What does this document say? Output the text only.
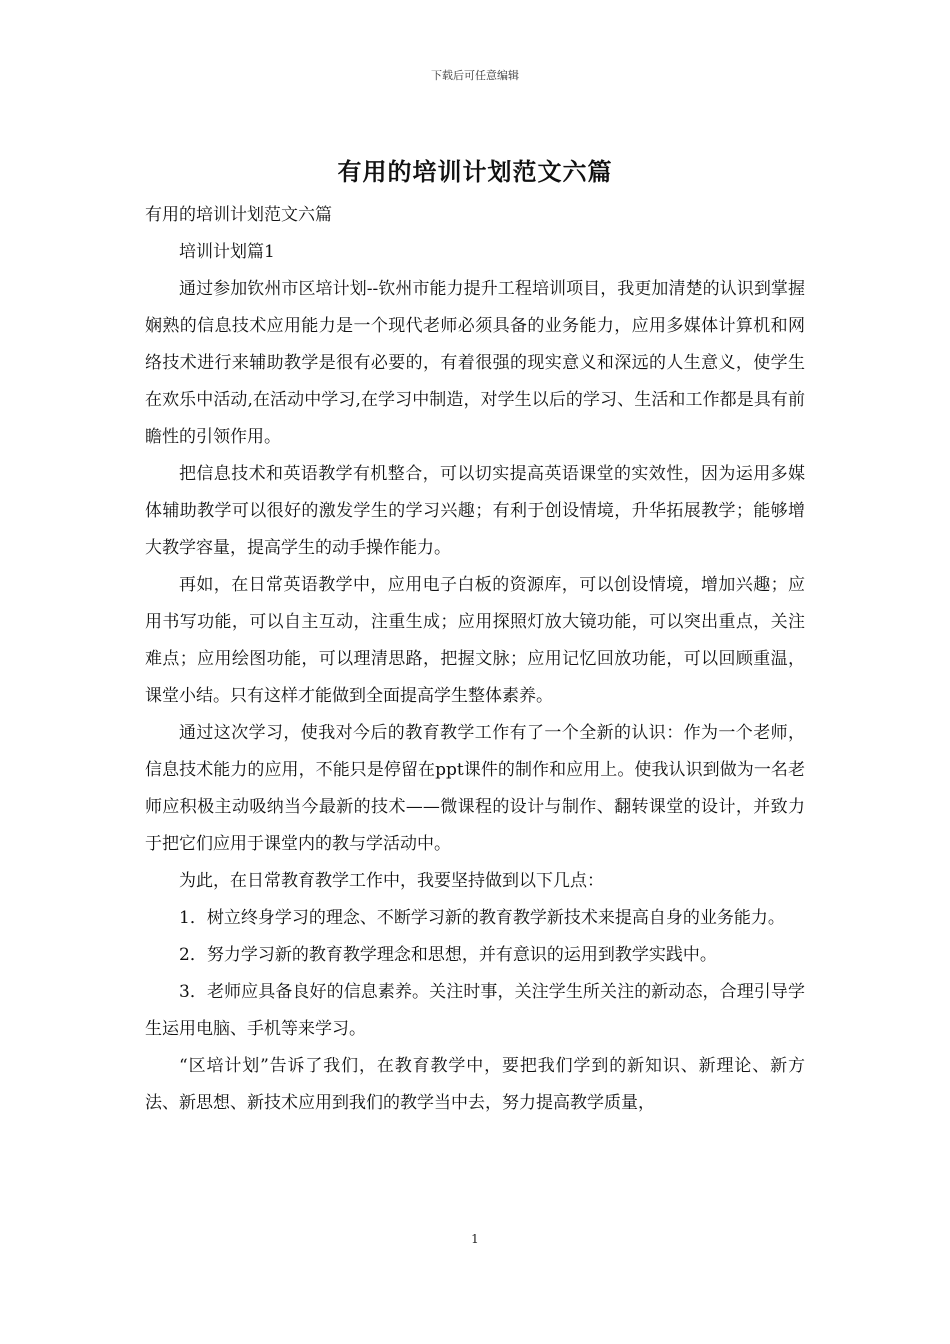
下载后可任意编辑
有用的培训计划范文六篇

有用的培训计划范文六篇

培训计划篇1

通过参加钦州市区培计划--钦州市能力提升工程培训项目，我更加清楚的认识到掌握娴熟的信息技术应用能力是一个现代老师必须具备的业务能力，应用多媒体计算机和网络技术进行来辅助教学是很有必要的，有着很强的现实意义和深远的人生意义，使学生在欢乐中活动,在活动中学习,在学习中制造，对学生以后的学习、生活和工作都是具有前瞻性的引领作用。

把信息技术和英语教学有机整合，可以切实提高英语课堂的实效性，因为运用多媒体辅助教学可以很好的激发学生的学习兴趣；有利于创设情境，升华拓展教学；能够增大教学容量，提高学生的动手操作能力。

再如，在日常英语教学中，应用电子白板的资源库，可以创设情境，增加兴趣；应用书写功能，可以自主互动，注重生成；应用探照灯放大镜功能，可以突出重点，关注难点；应用绘图功能，可以理清思路，把握文脉；应用记忆回放功能，可以回顾重温，课堂小结。只有这样才能做到全面提高学生整体素养。

通过这次学习，使我对今后的教育教学工作有了一个全新的认识：作为一个老师，信息技术能力的应用，不能只是停留在ppt课件的制作和应用上。使我认识到做为一名老师应积极主动吸纳当今最新的技术——微课程的设计与制作、翻转课堂的设计，并致力于把它们应用于课堂内的教与学活动中。

为此，在日常教育教学工作中，我要坚持做到以下几点：

1．树立终身学习的理念、不断学习新的教育教学新技术来提高自身的业务能力。

2．努力学习新的教育教学理念和思想，并有意识的运用到教学实践中。

3．老师应具备良好的信息素养。关注时事，关注学生所关注的新动态，合理引导学生运用电脑、手机等来学习。

“区培计划”告诉了我们，在教育教学中，要把我们学到的新知识、新理论、新方法、新思想、新技术应用到我们的教学当中去，努力提高教学质量，

1
